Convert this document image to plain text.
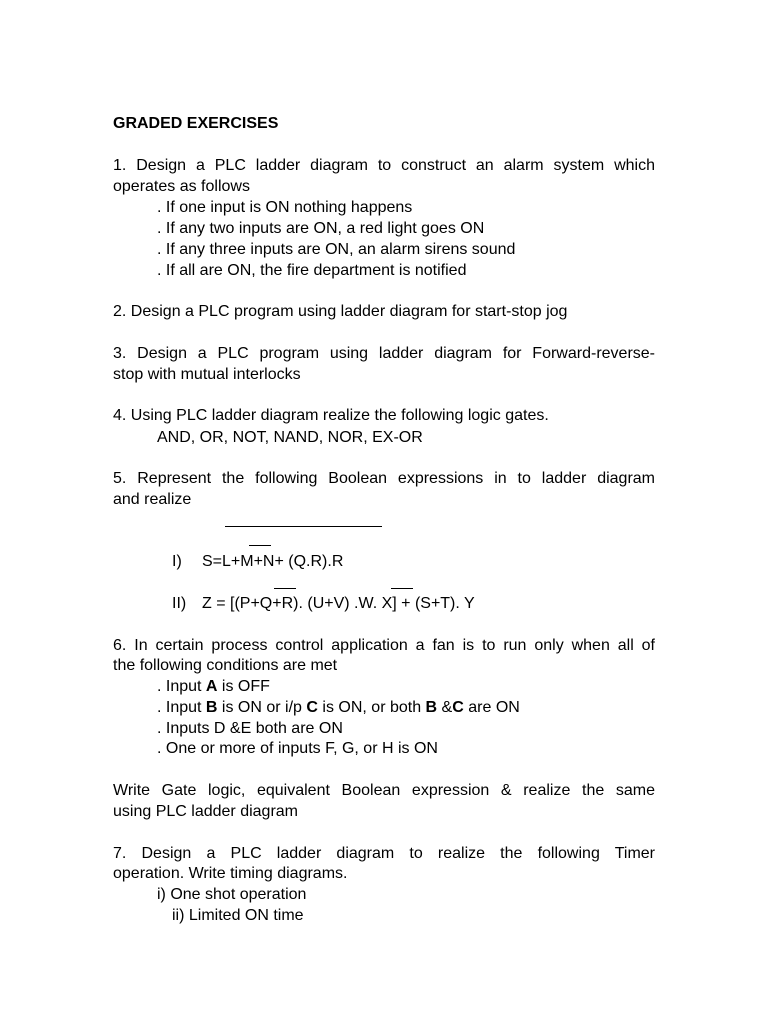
GRADED EXERCISES
1. Design a PLC ladder diagram to construct an alarm system which
operates as follows
. If one input is ON nothing happens
. If any two inputs are ON, a red light goes ON
. If any three inputs are ON, an alarm sirens sound
. If all are ON, the fire department is notified
2. Design a PLC program using ladder diagram for start-stop jog
3. Design a PLC program using ladder diagram for Forward-reverse-
stop with mutual interlocks
4. Using PLC ladder diagram realize the following logic gates.
AND, OR, NOT, NAND, NOR, EX-OR
5. Represent the following Boolean expressions in to ladder diagram
and realize
I) S=L+M+N+ (Q.R).R
II) Z = [(P+Q+R). (U+V) .W. X] + (S+T). Y
6. In certain process control application a fan is to run only when all of
the following conditions are met
. Input A is OFF
. Input B is ON or i/p C is ON, or both B &C are ON
. Inputs D &E both are ON
. One or more of inputs F, G, or H is ON
Write Gate logic, equivalent Boolean expression & realize the same
using PLC ladder diagram
7. Design a PLC ladder diagram to realize the following Timer
operation. Write timing diagrams.
i) One shot operation
ii) Limited ON time
